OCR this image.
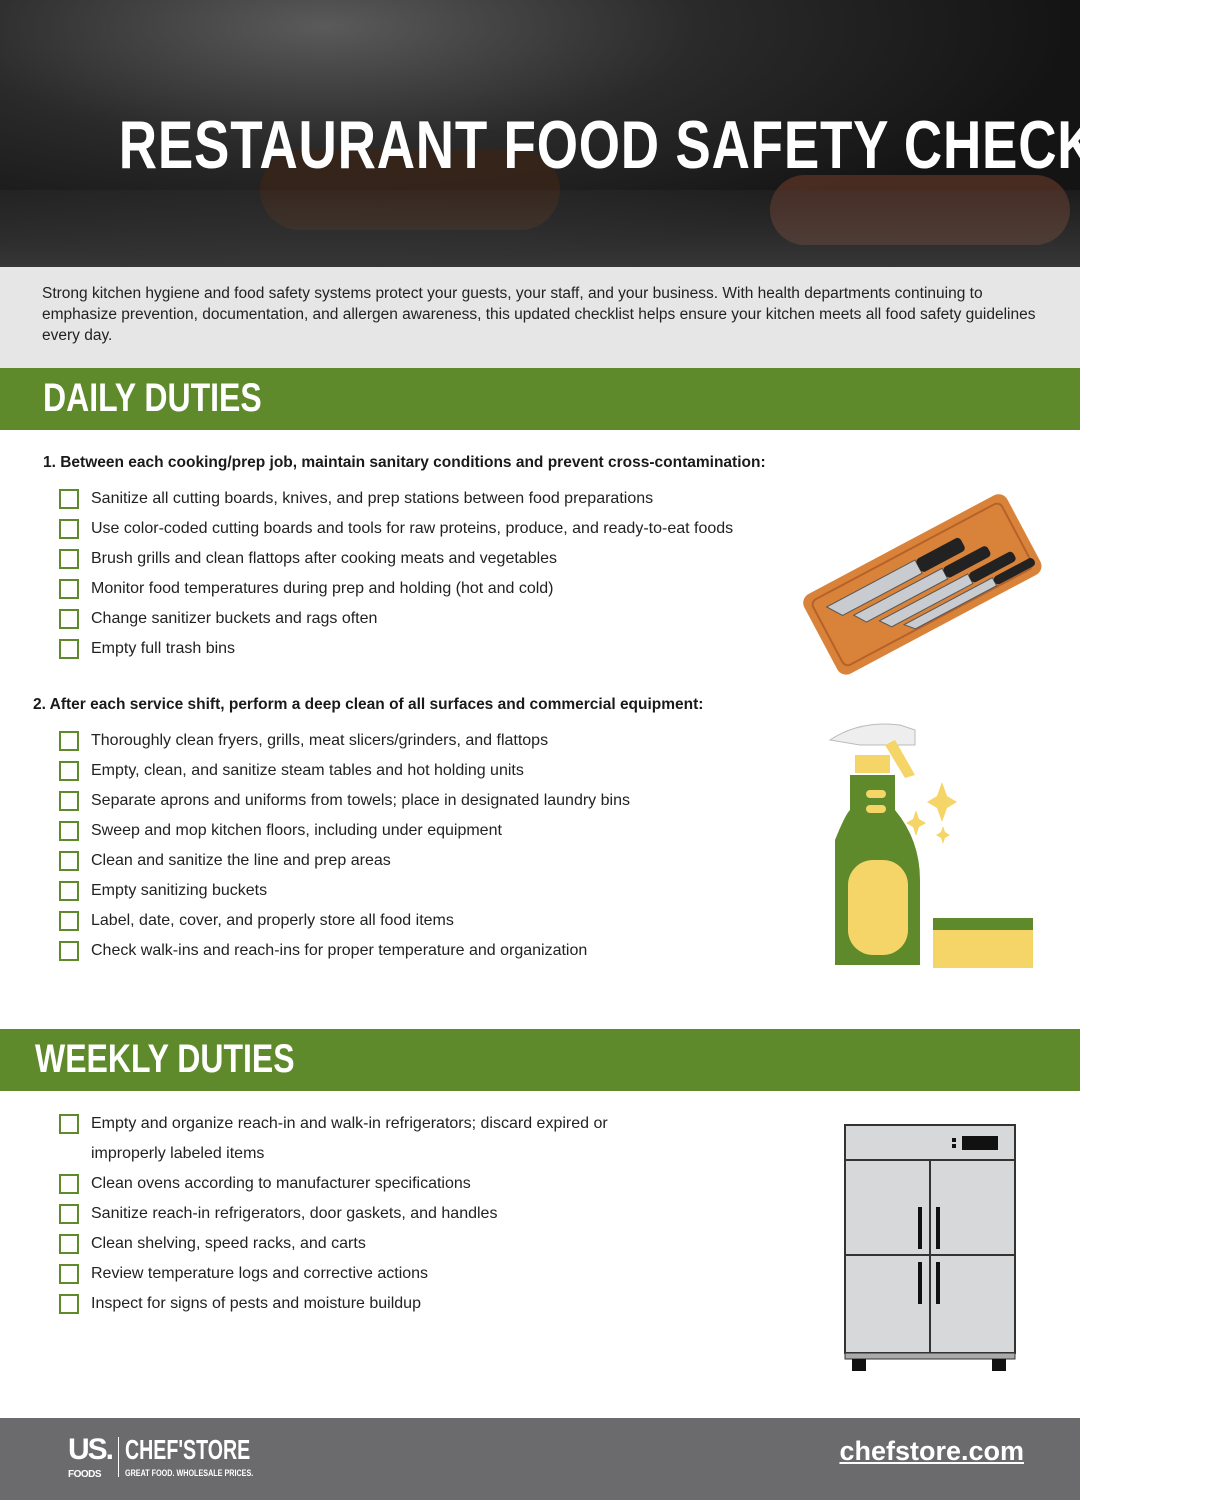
RESTAURANT FOOD SAFETY CHECKLIST
Strong kitchen hygiene and food safety systems protect your guests, your staff, and your business. With health departments continuing to emphasize prevention, documentation, and allergen awareness, this updated checklist helps ensure your kitchen meets all food safety guidelines every day.
DAILY DUTIES
1. Between each cooking/prep job, maintain sanitary conditions and prevent cross-contamination:
Sanitize all cutting boards, knives, and prep stations between food preparations
Use color-coded cutting boards and tools for raw proteins, produce, and ready-to-eat foods
Brush grills and clean flattops after cooking meats and vegetables
Monitor food temperatures during prep and holding (hot and cold)
Change sanitizer buckets and rags often
Empty full trash bins
2. After each service shift, perform a deep clean of all surfaces and commercial equipment:
Thoroughly clean fryers, grills, meat slicers/grinders, and flattops
Empty, clean, and sanitize steam tables and hot holding units
Separate aprons and uniforms from towels; place in designated laundry bins
Sweep and mop kitchen floors, including under equipment
Clean and sanitize the line and prep areas
Empty sanitizing buckets
Label, date, cover, and properly store all food items
Check walk-ins and reach-ins for proper temperature and organization
WEEKLY DUTIES
Empty and organize reach-in and walk-in refrigerators; discard expired or improperly labeled items
Clean ovens according to manufacturer specifications
Sanitize reach-in refrigerators, door gaskets, and handles
Clean shelving, speed racks, and carts
Review temperature logs and corrective actions
Inspect for signs of pests and moisture buildup
US.
FOODS
CHEF'STORE
GREAT FOOD. WHOLESALE PRICES.
chefstore.com
